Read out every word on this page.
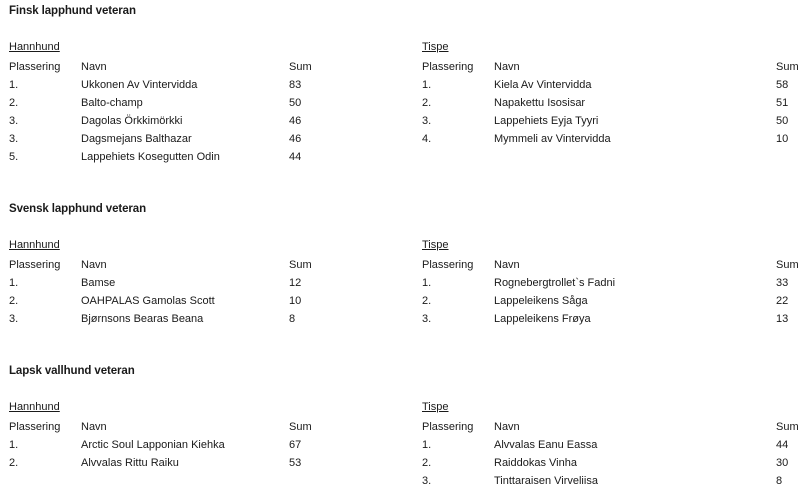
Finsk lapphund veteran
Hannhund
Plassering Navn	Sum
1.	Ukkonen Av Vintervidda	83
2.	Balto-champ	50
3.	Dagolas Örkkimörkki	46
3.	Dagsmejans Balthazar	46
5.	Lappehiets Kosegutten Odin	44
Tispe
Plassering Navn	Sum
1.	Kiela Av Vintervidda	58
2.	Napakettu Isosisar	51
3.	Lappehiets Eyja Tyyri	50
4.	Mymmeli av Vintervidda	10
Svensk lapphund veteran
Hannhund
Plassering Navn	Sum
1.	Bamse	12
2.	OAHPALAS Gamolas Scott	10
3.	Bjørnsons Bearas Beana	8
Tispe
Plassering Navn	Sum
1.	Rognebergtrollet`s Fadni	33
2.	Lappeleikens Såga	22
3.	Lappeleikens Frøya	13
Lapsk vallhund veteran
Hannhund
Plassering Navn	Sum
1.	Arctic Soul Lapponian Kiehka	67
2.	Alvvalas Rittu Raiku	53
Tispe
Plassering Navn	Sum
1.	Alvvalas Eanu Eassa	44
2.	Raiddokas Vinha	30
3.	Tinttaraisen Virveliisa	8
